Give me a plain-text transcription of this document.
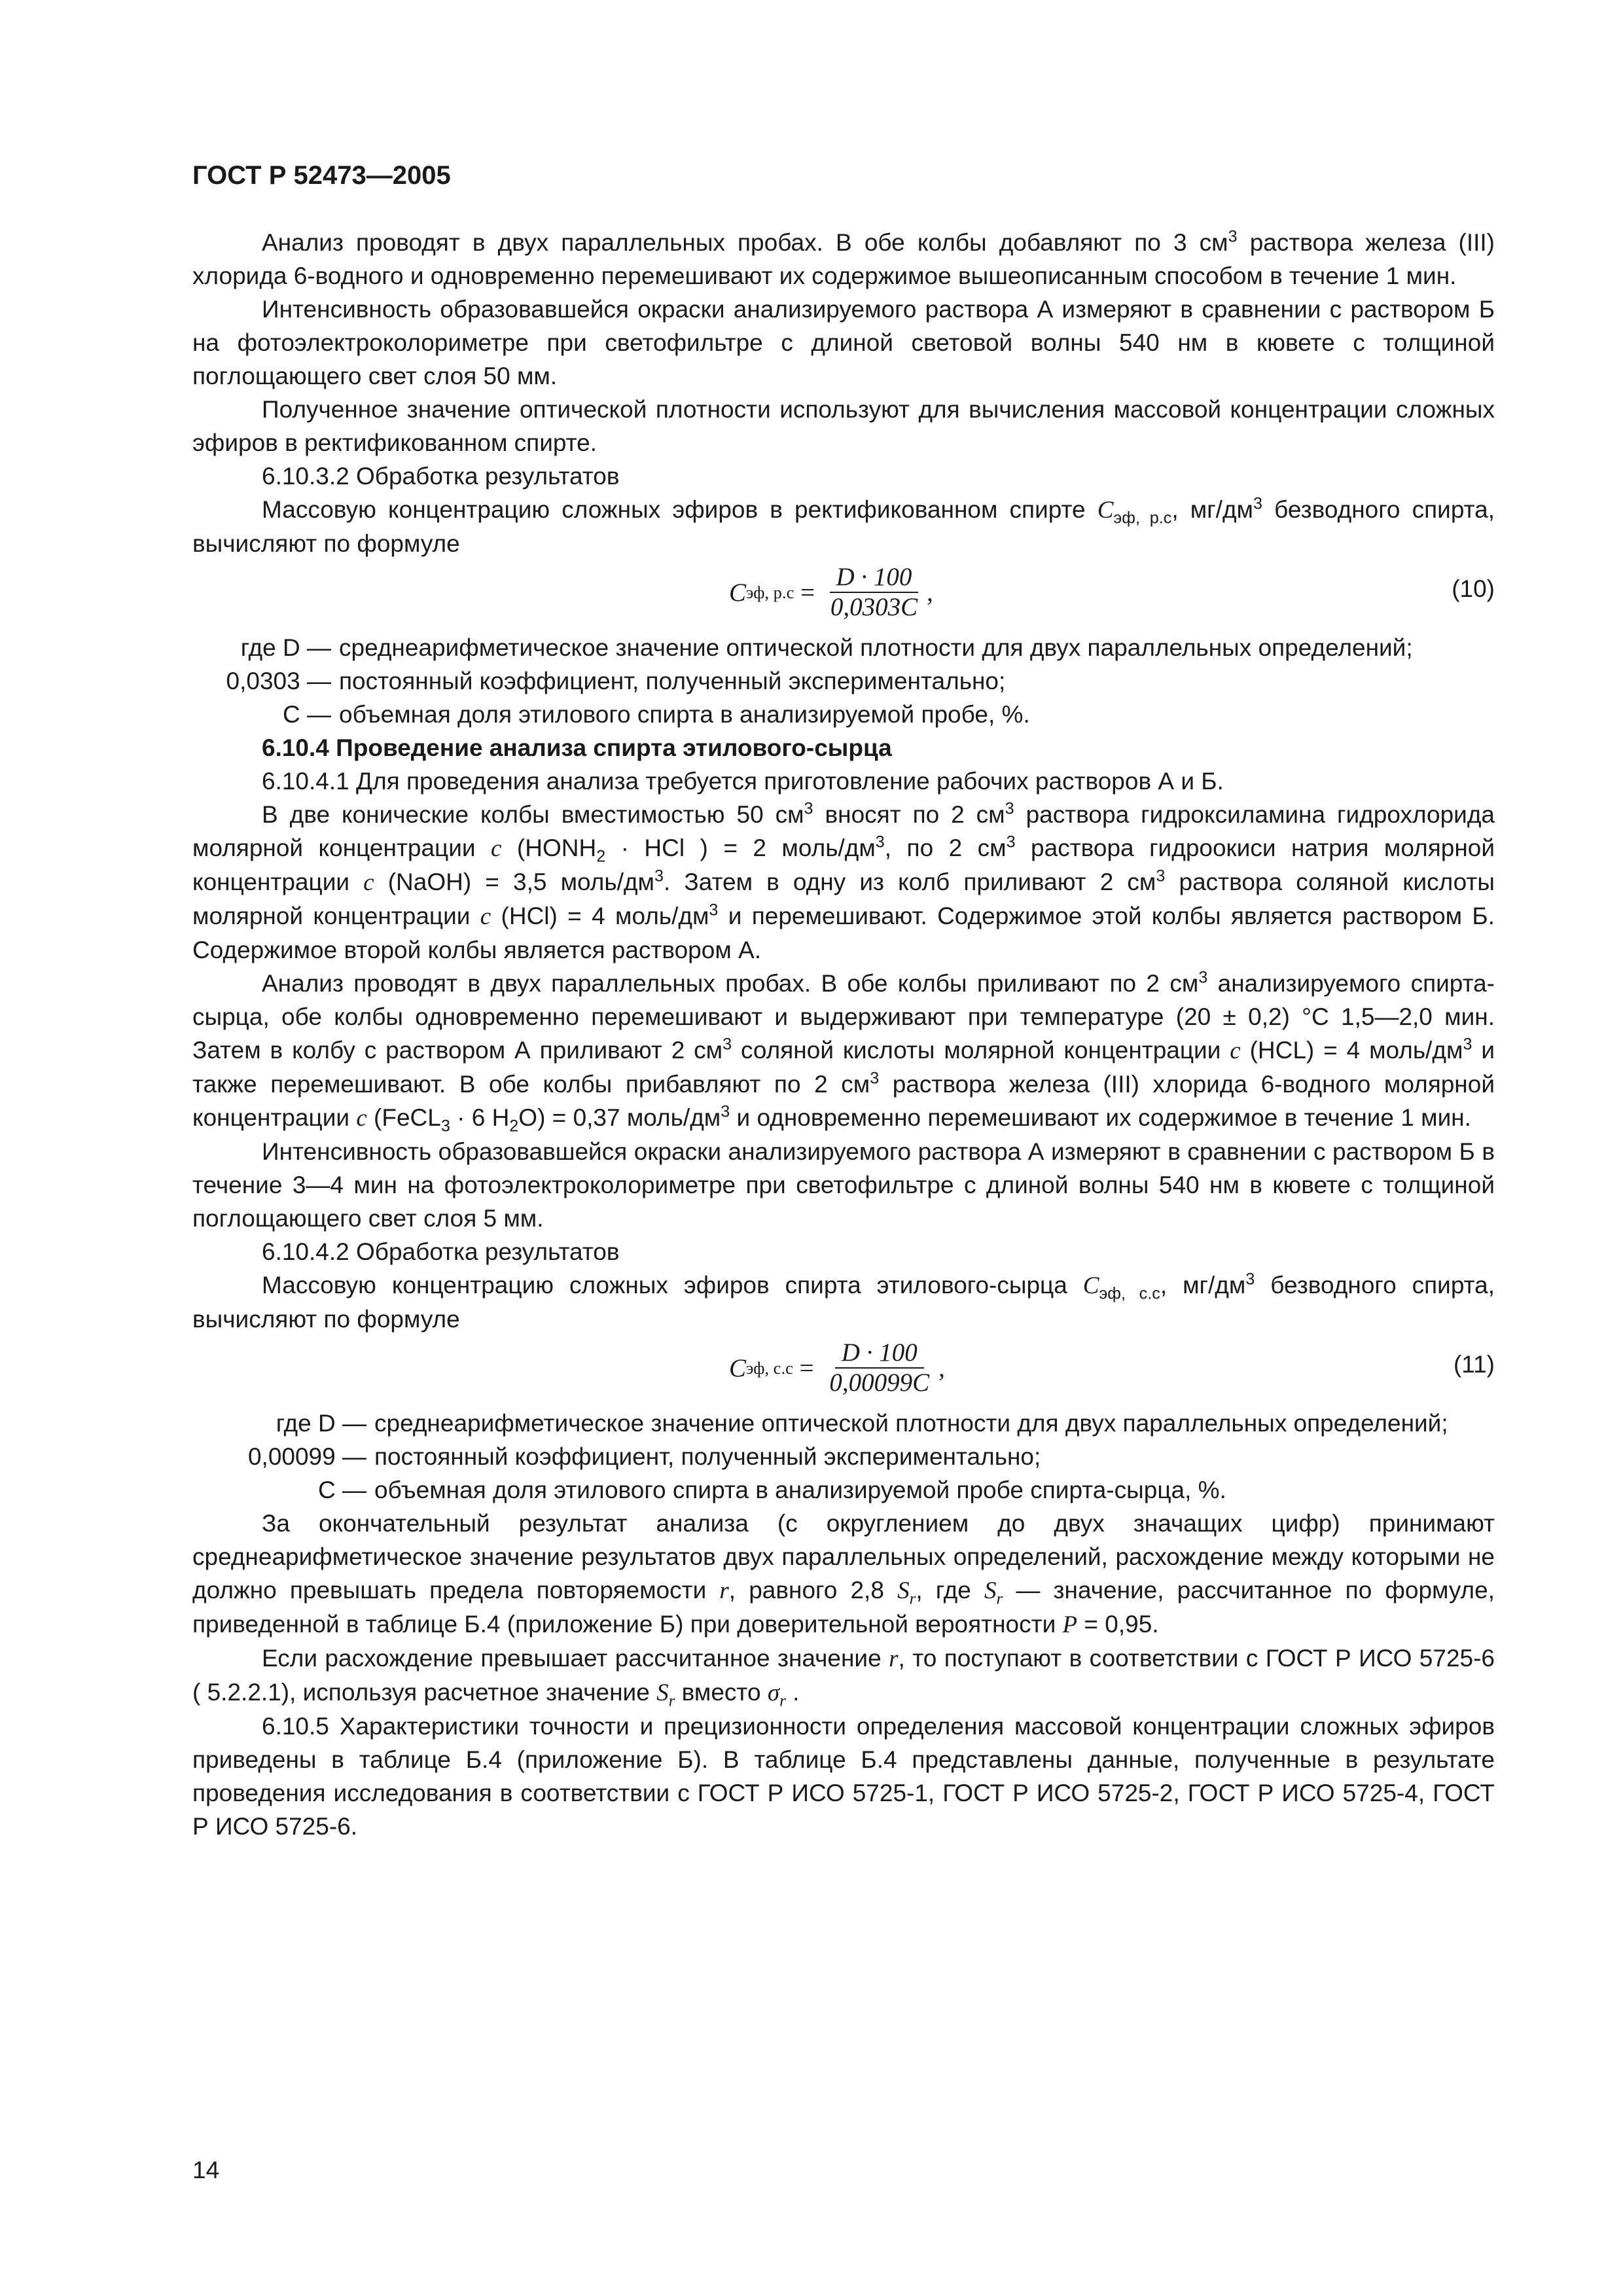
ГОСТ Р 52473—2005

Анализ проводят в двух параллельных пробах. В обе колбы добавляют по 3 $см^3$ раствора железа (III) хлорида 6-водного и одновременно перемешивают их содержимое вышеописанным способом в течение 1 мин.

Интенсивность образовавшейся окраски анализируемого раствора А измеряют в сравнении с раствором Б на фотоэлектроколориметре при светофильтре с длиной световой волны 540 нм в кювете с толщиной поглощающего свет слоя 50 мм.

Полученное значение оптической плотности используют для вычисления массовой концентрации сложных эфиров в ректификованном спирте.

6.10.3.2 Обработка результатов

Массовую концентрацию сложных эфиров в ректификованном спирте $C_{эф, р.с}$, $мг/дм^3$ безводного спирта, вычисляют по формуле

C эф, $р.с = \frac{D \cdot 100}{0,0303C}$ ,	(10)
где D — среднеарифметическое значение оптической плотности для двух параллельных определений;
0,0303 — постоянный коэффициент, полученный экспериментально;
C — объемная доля этилового спирта в анализируемой пробе, %.

6.10.4 Проведение анализа спирта этилового-сырца

6.10.4.1 Для проведения анализа требуется приготовление рабочих растворов А и Б.

В две конические колбы вместимостью 50 $см^3$ вносят по 2 $см^3$ раствора гидроксиламина гидрохлорида молярной концентрации c ($HONH_2$ · HCl ) = 2 моль/$дм^3$, по 2 $см^3$ раствора гидроокиси натрия молярной концентрации c (NaOH) = 3,5 моль/$дм^3$. Затем в одну из колб приливают 2 $см^3$ раствора соляной кислоты молярной концентрации c (HCl) = 4 моль/$дм^3$ и перемешивают. Содержимое этой колбы является раствором Б. Содержимое второй колбы является раствором А.

Анализ проводят в двух параллельных пробах. В обе колбы приливают по 2 $см^3$ анализируемого спирта-сырца, обе колбы одновременно перемешивают и выдерживают при температуре (20 ± 0,2) °С 1,5—2,0 мин. Затем в колбу с раствором А приливают 2 $см^3$ соляной кислоты молярной концентрации c (HCL) = 4 моль/$дм^3$ и также перемешивают. В обе колбы прибавляют по 2 $см^3$ раствора железа (III) хлорида 6-водного молярной концентрации c (FeCL$_3$ · 6 $H_2O) = 0,37$ моль/$дм^3$ и одновременно перемешивают их содержимое в течение 1 мин.

Интенсивность образовавшейся окраски анализируемого раствора А измеряют в сравнении с раствором Б в течение 3—4 мин на фотоэлектроколориметре при светофильтре с длиной волны 540 нм в кювете с толщиной поглощающего свет слоя 5 мм.

6.10.4.2 Обработка результатов

Массовую концентрацию сложных эфиров спирта этилового-сырца $C_{эф, с.с}$, $мг/дм^3$ безводного спирта, вычисляют по формуле

C эф, $с.с = \frac{D \cdot 100}{0,00099C}$ ,	(11)
где D — среднеарифметическое значение оптической плотности для двух параллельных определений;
0,00099 — постоянный коэффициент, полученный экспериментально;
C — объемная доля этилового спирта в анализируемой пробе спирта-сырца, %.

За окончательный результат анализа (с округлением до двух значащих цифр) принимают среднеарифметическое значение результатов двух параллельных определений, расхождение между которыми не должно превышать предела повторяемости r, равного 2,8 $S_r$, где $S_r$ — значение, рассчитанное по формуле, приведенной в таблице Б.4 (приложение Б) при доверительной вероятности P = 0,95.

Если расхождение превышает рассчитанное значение r, то поступают в соответствии с ГОСТ Р ИСО 5725-6 ( 5.2.2.1), используя расчетное значение $S_r$ вместо $\sigma_r$ .

6.10.5 Характеристики точности и прецизионности определения массовой концентрации сложных эфиров приведены в таблице Б.4 (приложение Б). В таблице Б.4 представлены данные, полученные в результате проведения исследования в соответствии с ГОСТ Р ИСО 5725-1, ГОСТ Р ИСО 5725-2, ГОСТ Р ИСО 5725-4, ГОСТ Р ИСО 5725-6.

14
